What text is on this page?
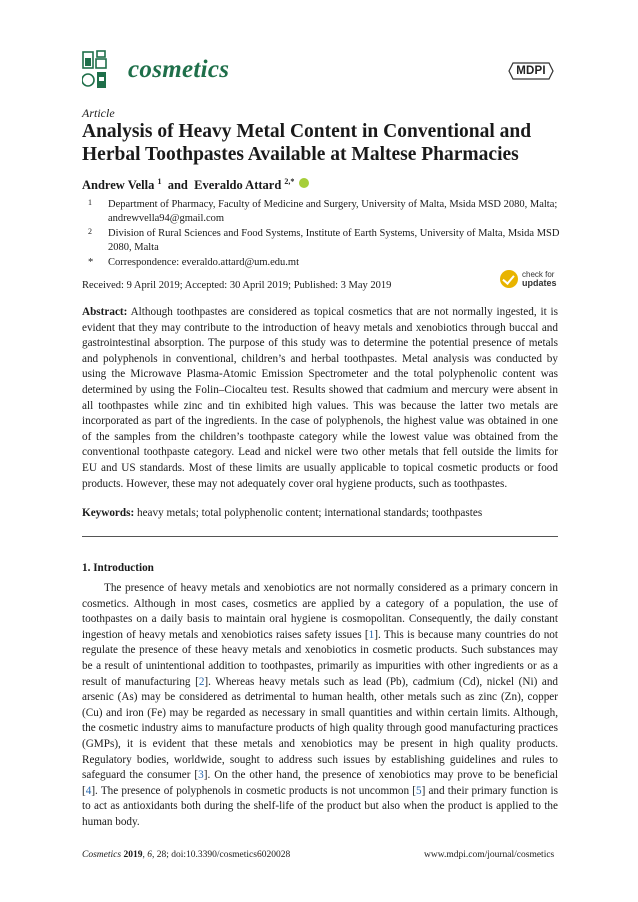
cosmetics	MDPI
Article
Analysis of Heavy Metal Content in Conventional and Herbal Toothpastes Available at Maltese Pharmacies
Andrew Vella $^1$  and  Everaldo Attard $^{2,*}$
1 Department of Pharmacy, Faculty of Medicine and Surgery, University of Malta, Msida MSD 2080, Malta; andrewvella94@gmail.com
2 Division of Rural Sciences and Food Systems, Institute of Earth Systems, University of Malta, Msida MSD 2080, Malta
* Correspondence: everaldo.attard@um.edu.mt
Received: 9 April 2019; Accepted: 30 April 2019; Published: 3 May 2019
check for
updates

Abstract: Although toothpastes are considered as topical cosmetics that are not normally ingested, it is evident that they may contribute to the introduction of heavy metals and xenobiotics through buccal and gastrointestinal absorption. The purpose of this study was to determine the potential presence of metals and polyphenols in conventional, children’s and herbal toothpastes. Metal analysis was conducted by using the Microwave Plasma-Atomic Emission Spectrometer and the total polyphenolic content was determined by using the Folin–Ciocalteu test. Results showed that cadmium and mercury were absent in all toothpastes while zinc and tin exhibited high values. This was because the latter two metals are incorporated as part of the ingredients. In the case of polyphenols, the highest value was obtained in one of the samples from the children’s toothpaste category while the lowest value was obtained from the conventional toothpaste category. Lead and nickel were two other metals that fell outside the limits for EU and US standards. Most of these limits are usually applicable to topical cosmetic products or food products. However, these may not adequately cover oral hygiene products, such as toothpastes.

Keywords: heavy metals; total polyphenolic content; international standards; toothpastes
1. Introduction

The presence of heavy metals and xenobiotics are not normally considered as a primary concern in cosmetics. Although in most cases, cosmetics are applied by a category of a population, the use of toothpastes on a daily basis to maintain oral hygiene is cosmopolitan. Consequently, the daily constant ingestion of heavy metals and xenobiotics raises safety issues [1]. This is because many countries do not regulate the presence of these heavy metals and xenobiotics in cosmetic products. Such substances may be a result of unintentional addition to toothpastes, primarily as impurities with other ingredients or as a result of manufacturing [2]. Whereas heavy metals such as lead (Pb), cadmium (Cd), nickel (Ni) and arsenic (As) may be considered as detrimental to human health, other metals such as zinc (Zn), copper (Cu) and iron (Fe) may be regarded as necessary in small quantities and within certain limits. Although, the cosmetic industry aims to manufacture products of high quality through good manufacturing practices (GMPs), it is evident that these metals and xenobiotics may be present in high quality products. Regulatory bodies, worldwide, sought to address such issues by establishing guidelines and rules to safeguard the consumer [3]. On the other hand, the presence of xenobiotics may prove to be beneficial [4]. The presence of polyphenols in cosmetic products is not uncommon [5] and their primary function is to act as antioxidants both during the shelf-life of the product but also when the product is applied to the human body.

Cosmetics 2019, 6, 28; doi:10.3390/cosmetics6020028	www.mdpi.com/journal/cosmetics
